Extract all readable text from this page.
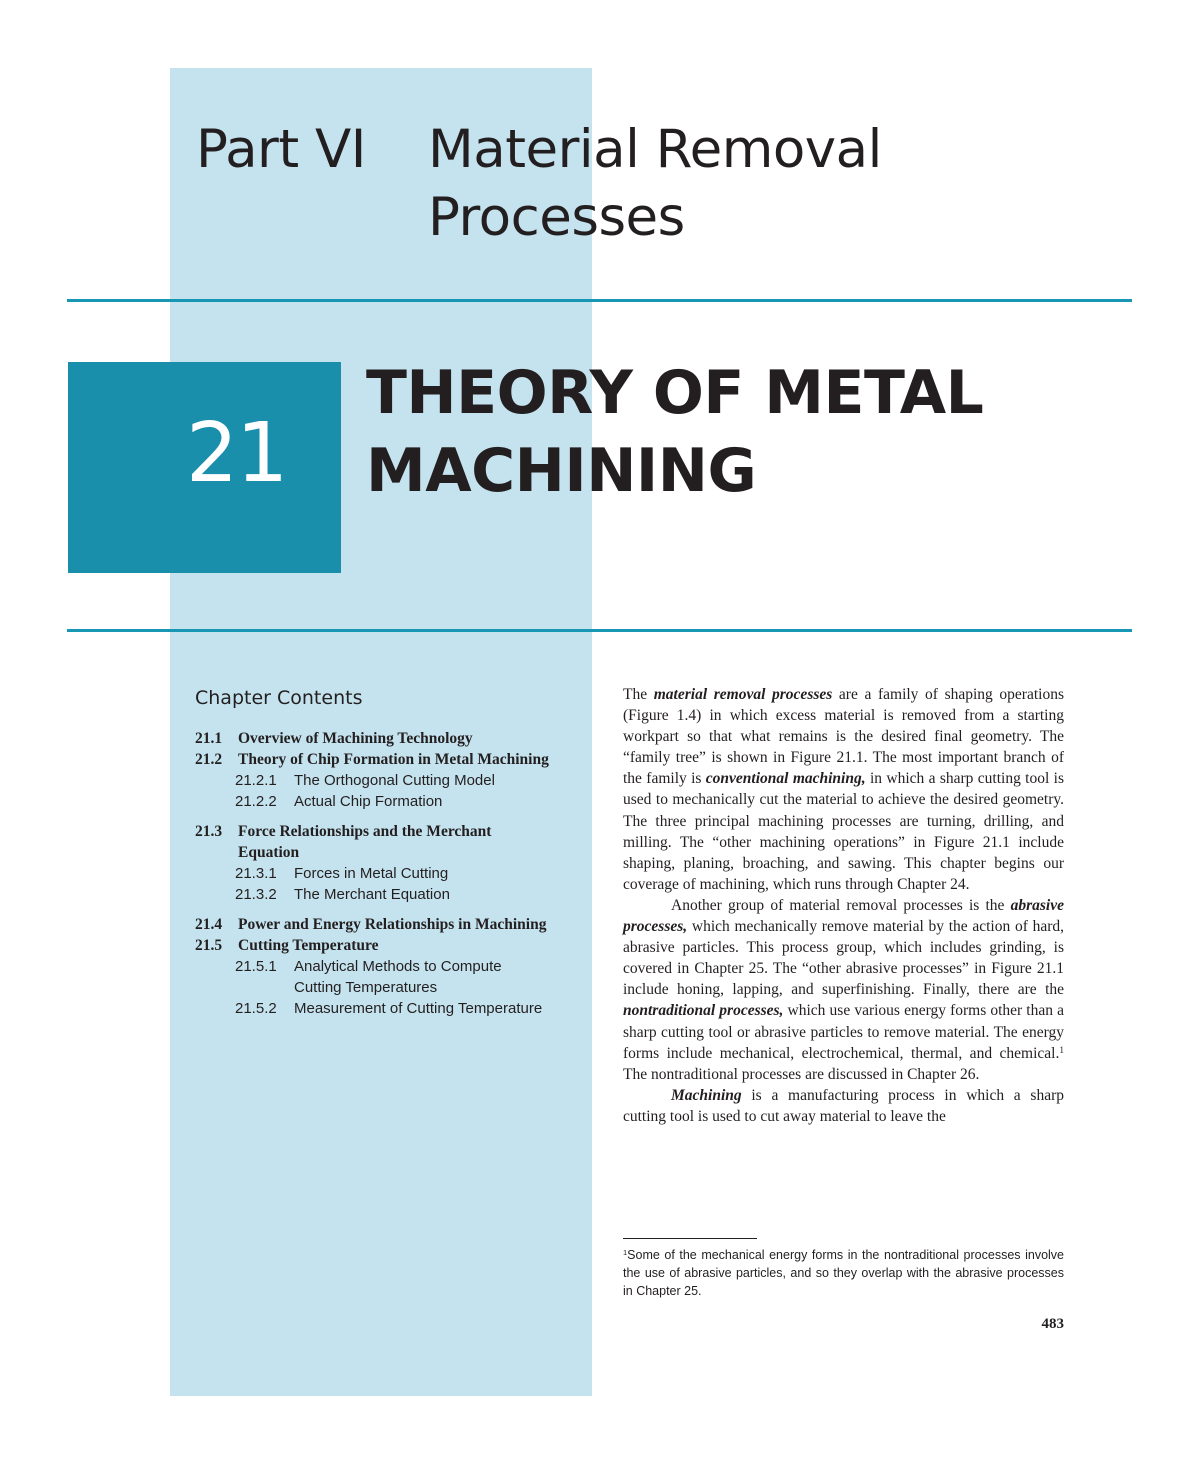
Part VI Material Removal Processes
21
THEORY OF METAL MACHINING
Chapter Contents
21.1 Overview of Machining Technology
21.2 Theory of Chip Formation in Metal Machining
21.2.1 The Orthogonal Cutting Model
21.2.2 Actual Chip Formation
21.3 Force Relationships and the Merchant
Equation
21.3.1 Forces in Metal Cutting
21.3.2 The Merchant Equation
21.4 Power and Energy Relationships in Machining
21.5 Cutting Temperature
21.5.1 Analytical Methods to Compute
Cutting Temperatures
21.5.2 Measurement of Cutting Temperature

The material removal processes are a family of shaping operations (Figure 1.4) in which excess material is removed from a starting workpart so that what remains is the desired final geometry. The “family tree” is shown in Figure 21.1. The most important branch of the family is conventional machining, in which a sharp cutting tool is used to mechanically cut the material to achieve the desired geometry. The three principal machining processes are turning, drilling, and milling. The “other machining operations” in Figure 21.1 include shaping, planing, broaching, and sawing. This chapter begins our coverage of machining, which runs through Chapter 24.

Another group of material removal processes is the abrasive processes, which mechanically remove material by the action of hard, abrasive particles. This process group, which includes grinding, is covered in Chapter 25. The “other abrasive processes” in Figure 21.1 include honing, lapping, and superfinishing. Finally, there are the nontraditional processes, which use various energy forms other than a sharp cutting tool or abrasive particles to remove material. The energy forms include mechanical, electrochemical, thermal, and chemical.$^1$ The nontraditional processes are discussed in Chapter 26.

Machining is a manufacturing process in which a sharp cutting tool is used to cut away material to leave the

$^1$Some of the mechanical energy forms in the nontraditional processes involve the use of abrasive particles, and so they overlap with the abrasive processes in Chapter 25.
483
